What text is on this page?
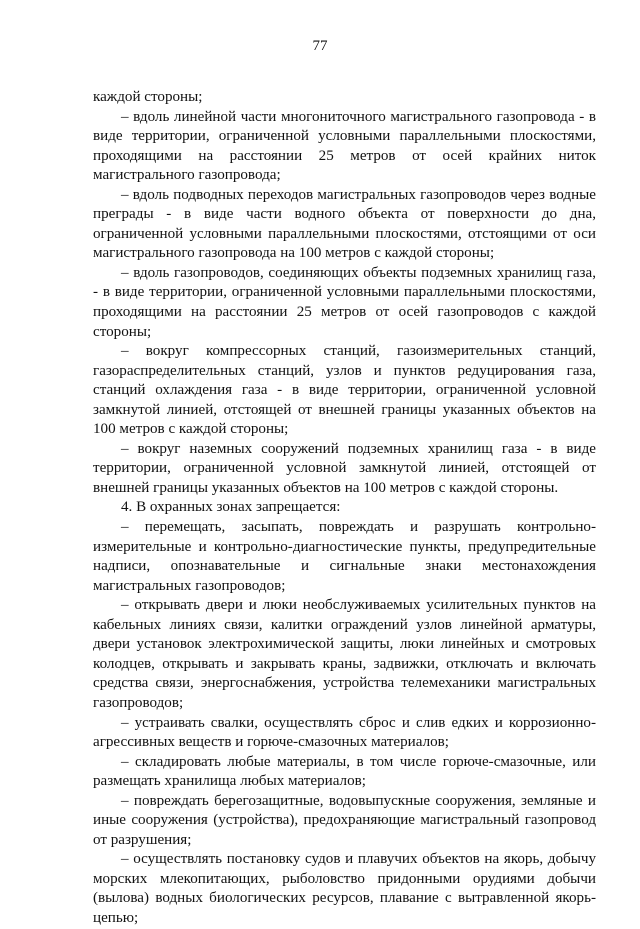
77

каждой стороны;

– вдоль линейной части многониточного магистрального газопровода - в виде территории, ограниченной условными параллельными плоскостями, проходящими на расстоянии 25 метров от осей крайних ниток магистрального газопровода;

– вдоль подводных переходов магистральных газопроводов через водные преграды - в виде части водного объекта от поверхности до дна, ограниченной условными параллельными плоскостями, отстоящими от оси магистрального газопровода на 100 метров с каждой стороны;

– вдоль газопроводов, соединяющих объекты подземных хранилищ газа, - в виде территории, ограниченной условными параллельными плоскостями, проходящими на расстоянии 25 метров от осей газопроводов с каждой стороны;

– вокруг компрессорных станций, газоизмерительных станций, газораспределительных станций, узлов и пунктов редуцирования газа, станций охлаждения газа - в виде территории, ограниченной условной замкнутой линией, отстоящей от внешней границы указанных объектов на 100 метров с каждой стороны;

– вокруг наземных сооружений подземных хранилищ газа - в виде территории, ограниченной условной замкнутой линией, отстоящей от внешней границы указанных объектов на 100 метров с каждой стороны.

4. В охранных зонах запрещается:

– перемещать, засыпать, повреждать и разрушать контрольно-измерительные и контрольно-диагностические пункты, предупредительные надписи, опознавательные и сигнальные знаки местонахождения магистральных газопроводов;

– открывать двери и люки необслуживаемых усилительных пунктов на кабельных линиях связи, калитки ограждений узлов линейной арматуры, двери установок электрохимической защиты, люки линейных и смотровых колодцев, открывать и закрывать краны, задвижки, отключать и включать средства связи, энергоснабжения, устройства телемеханики магистральных газопроводов;

– устраивать свалки, осуществлять сброс и слив едких и коррозионно-агрессивных веществ и горюче-смазочных материалов;

– складировать любые материалы, в том числе горюче-смазочные, или размещать хранилища любых материалов;

– повреждать берегозащитные, водовыпускные сооружения, земляные и иные сооружения (устройства), предохраняющие магистральный газопровод от разрушения;

– осуществлять постановку судов и плавучих объектов на якорь, добычу морских млекопитающих, рыболовство придонными орудиями добычи (вылова) водных биологических ресурсов, плавание с вытравленной якорь-цепью;
